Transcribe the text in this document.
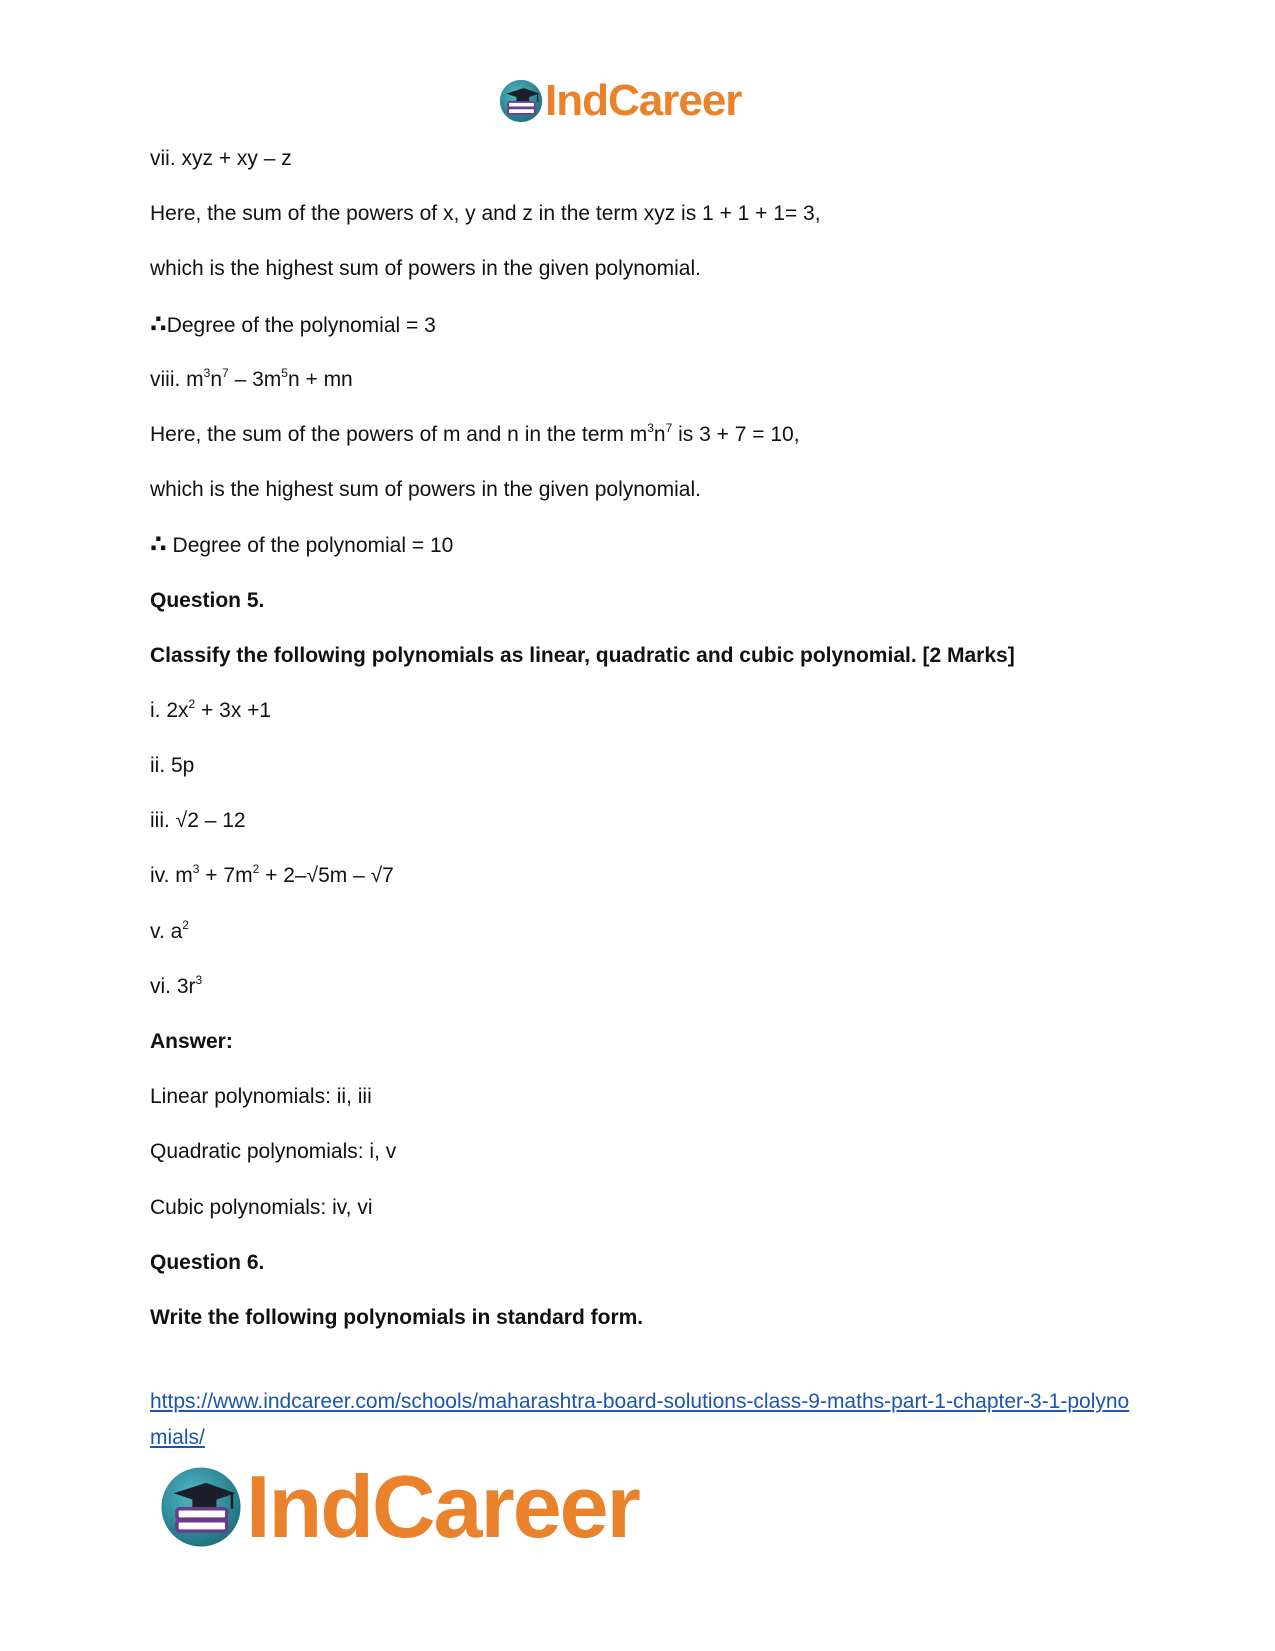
IndCareer
vii. xyz + xy – z
Here, the sum of the powers of x, y and z in the term xyz is 1 + 1 + 1= 3,
which is the highest sum of powers in the given polynomial.
∴Degree of the polynomial = 3
viii. $m^3n^7 - 3m^5n$ + mn
Here, the sum of the powers of m and n in the term $m^3n^7$ is 3 + 7 = 10,
which is the highest sum of powers in the given polynomial.
∴ Degree of the polynomial = 10
Question 5.
Classify the following polynomials as linear, quadratic and cubic polynomial. [2 Marks]
i. $2x^2 + 3x +1$
ii. 5p
iii. √2 – 12
iv. $m^3 + 7m^2 + 2-√5m - √7$
v. $a^2$
vi. $3r^3$
Answer:
Linear polynomials: ii, iii
Quadratic polynomials: i, v
Cubic polynomials: iv, vi
Question 6.
Write the following polynomials in standard form.
https://www.indcareer.com/schools/maharashtra-board-solutions-class-9-maths-part-1-chapter-3-1-polynomials/
IndCareer
